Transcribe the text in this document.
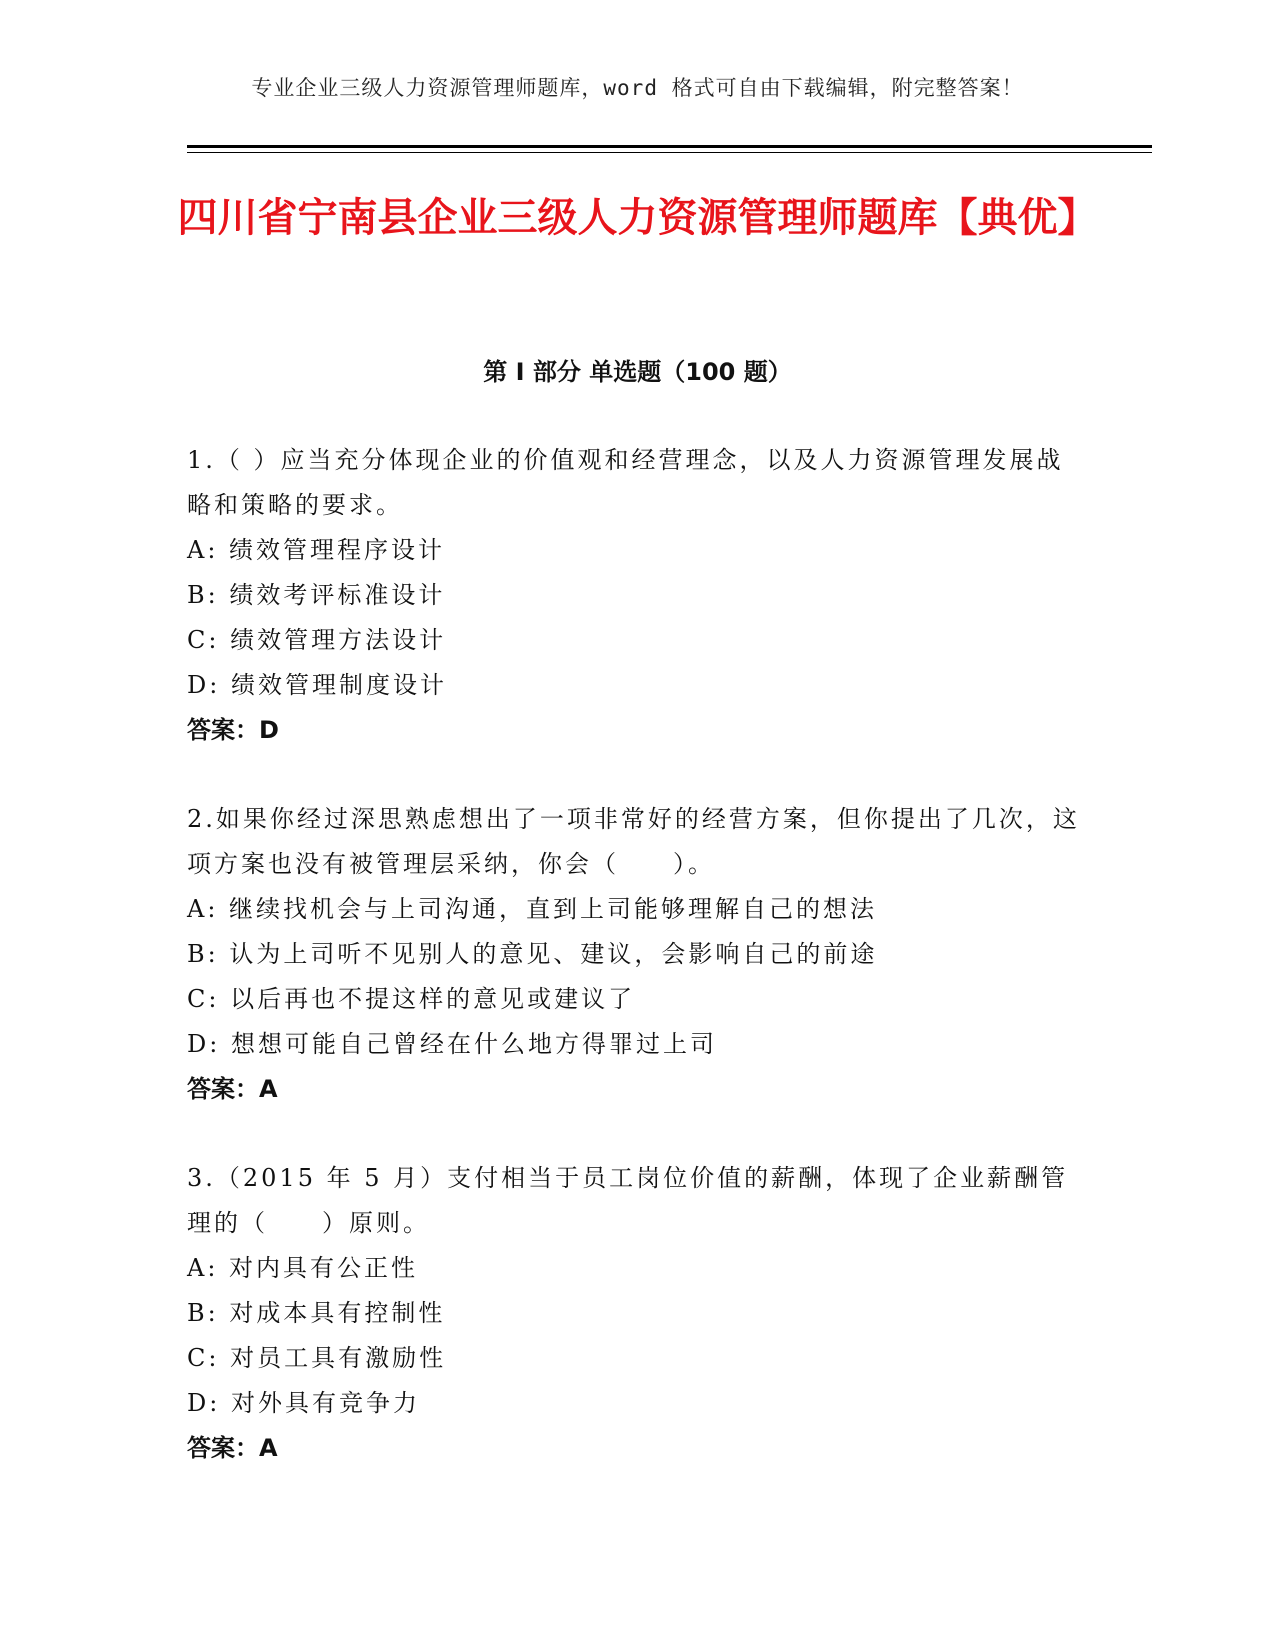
专业企业三级人力资源管理师题库，word 格式可自由下载编辑，附完整答案！
四川省宁南县企业三级人力资源管理师题库【典优】
第 I 部分 单选题（100 题）

1.（ ）应当充分体现企业的价值观和经营理念，以及人力资源管理发展战略和策略的要求。

A: 绩效管理程序设计

B: 绩效考评标准设计

C: 绩效管理方法设计

D: 绩效管理制度设计

答案：D

2.如果你经过深思熟虑想出了一项非常好的经营方案，但你提出了几次，这项方案也没有被管理层采纳，你会（　　）。

A: 继续找机会与上司沟通，直到上司能够理解自己的想法

B: 认为上司听不见别人的意见、建议，会影响自己的前途

C: 以后再也不提这样的意见或建议了

D: 想想可能自己曾经在什么地方得罪过上司

答案：A

3.（2015 年 5 月）支付相当于员工岗位价值的薪酬，体现了企业薪酬管理的（　　）原则。

A: 对内具有公正性

B: 对成本具有控制性

C: 对员工具有激励性

D: 对外具有竞争力

答案：A
